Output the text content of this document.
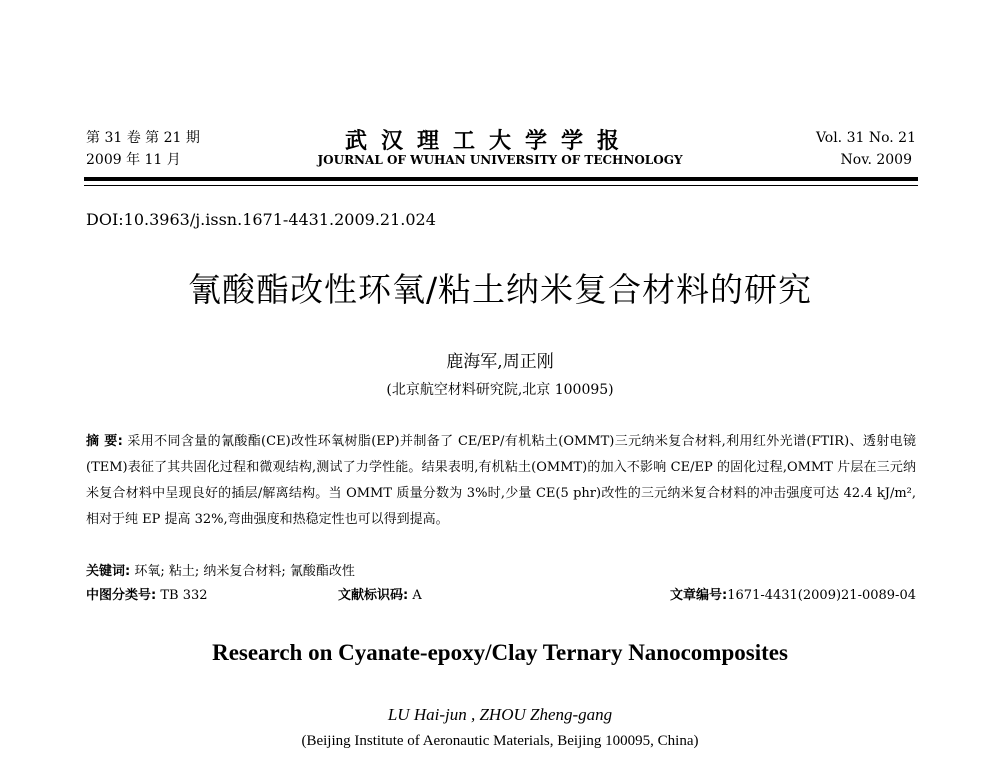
第 31 卷 第 21 期
2009 年 11 月
武汉理工大学学报
JOURNAL OF WUHAN UNIVERSITY OF TECHNOLOGY
Vol. 31 No. 21
Nov. 2009
DOI:10.3963/j.issn.1671-4431.2009.21.024
氰酸酯改性环氧/粘土纳米复合材料的研究
鹿海军,周正刚
(北京航空材料研究院,北京 100095)
摘 要: 采用不同含量的氰酸酯(CE)改性环氧树脂(EP)并制备了 CE/EP/有机粘土(OMMT)三元纳米复合材料,利用红外光谱(FTIR)、透射电镜(TEM)表征了其共固化过程和微观结构,测试了力学性能。结果表明,有机粘土(OMMT)的加入不影响 CE/EP 的固化过程,OMMT 片层在三元纳米复合材料中呈现良好的插层/解离结构。当 OMMT 质量分数为 3%时,少量 CE(5 phr)改性的三元纳米复合材料的冲击强度可达 42.4 kJ/m²,相对于纯 EP 提高 32%,弯曲强度和热稳定性也可以得到提高。
关键词: 环氧; 粘土; 纳米复合材料; 氰酸酯改性
中图分类号: TB 332	文献标识码: A	文章编号:1671-4431(2009)21-0089-04
Research on Cyanate-epoxy/Clay Ternary Nanocomposites
LU Hai-jun , ZHOU Zheng-gang
(Beijing Institute of Aeronautic Materials, Beijing 100095, China)
